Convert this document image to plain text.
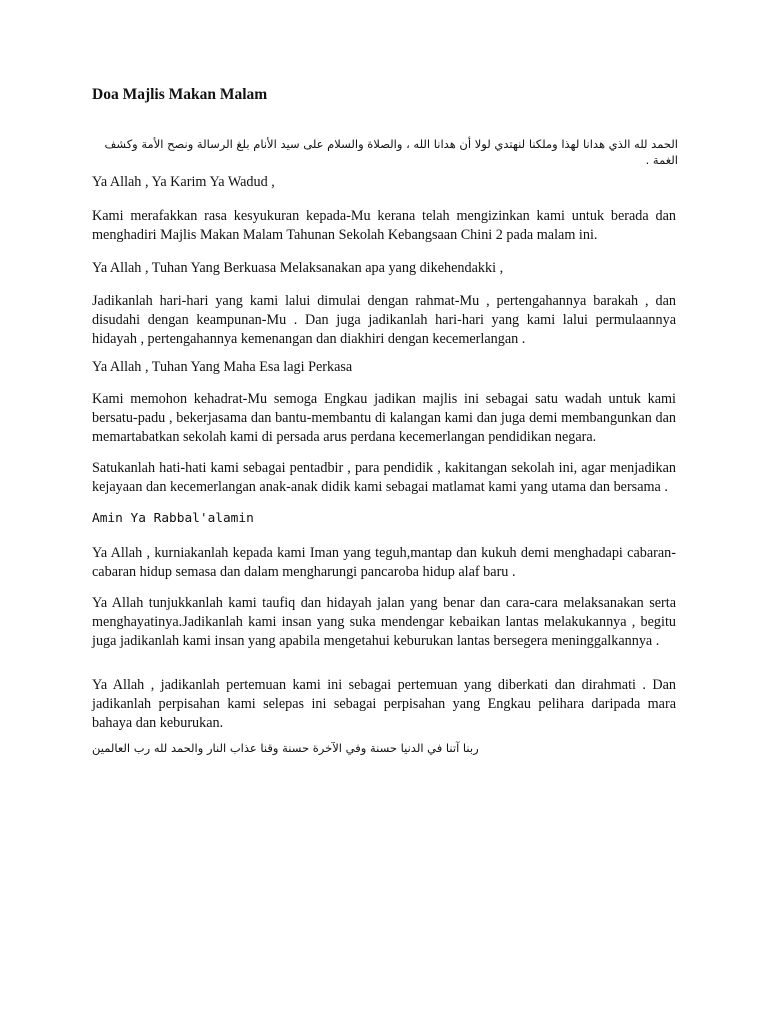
Doa Majlis Makan Malam
الحمد لله الذي هدانا لهذا وملكنا لنهتدي لولا أن هدانا الله ، والصلاة والسلام على سيد الأنام بلغ الرسالة ونصح الأمة وكشف الغمة .

Ya Allah , Ya Karim Ya Wadud ,

Kami merafakkan rasa kesyukuran kepada-Mu kerana telah mengizinkan kami untuk berada dan menghadiri Majlis Makan Malam Tahunan Sekolah Kebangsaan Chini 2 pada malam ini.

Ya Allah , Tuhan Yang Berkuasa Melaksanakan apa yang dikehendakki ,

Jadikanlah hari-hari yang kami lalui dimulai dengan rahmat-Mu , pertengahannya barakah , dan disudahi dengan keampunan-Mu . Dan juga jadikanlah hari-hari yang kami lalui permulaannya hidayah , pertengahannya kemenangan dan diakhiri dengan kecemerlangan .

Ya Allah , Tuhan Yang Maha Esa lagi Perkasa

Kami memohon kehadrat-Mu semoga Engkau jadikan majlis ini sebagai satu wadah untuk kami bersatu-padu , bekerjasama dan bantu-membantu di kalangan kami dan juga demi membangunkan dan memartabatkan sekolah kami di persada arus perdana kecemerlangan pendidikan negara.

Satukanlah hati-hati kami sebagai pentadbir , para pendidik , kakitangan sekolah ini, agar menjadikan kejayaan dan kecemerlangan anak-anak didik kami sebagai matlamat kami yang utama dan bersama .

Amin Ya Rabbal'alamin

Ya Allah , kurniakanlah kepada kami Iman yang teguh,mantap dan kukuh demi menghadapi cabaran-cabaran hidup semasa dan dalam mengharungi pancaroba hidup alaf baru .

Ya Allah tunjukkanlah kami taufiq dan hidayah jalan yang benar dan cara-cara melaksanakan serta menghayatinya.Jadikanlah kami insan yang suka mendengar kebaikan lantas melakukannya , begitu juga jadikanlah kami insan yang apabila mengetahui keburukan lantas bersegera meninggalkannya .

Ya Allah , jadikanlah pertemuan kami ini sebagai pertemuan yang diberkati dan dirahmati . Dan jadikanlah perpisahan kami selepas ini sebagai perpisahan yang Engkau pelihara daripada mara bahaya dan keburukan.

ربنا آتنا في الدنيا حسنة وفي الآخرة حسنة وقنا عذاب النار والحمد لله رب العالمين
